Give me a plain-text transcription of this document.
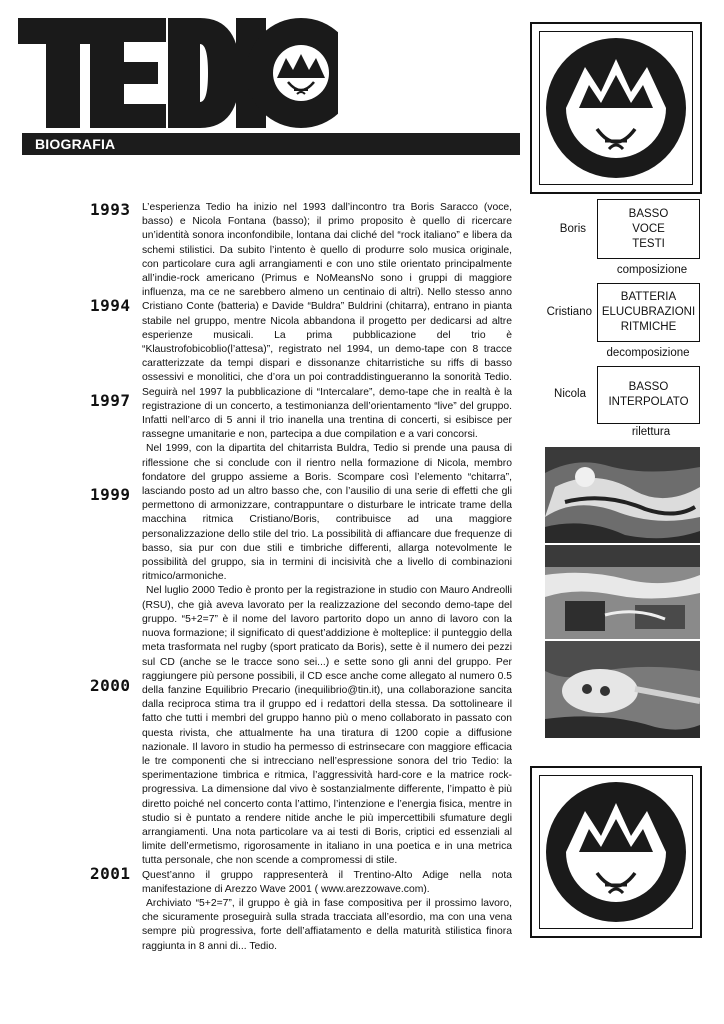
BIOGRAFIA
1993
1994
1997
1999
2000
2001

L’esperienza Tedio ha inizio nel 1993 dall’incontro tra Boris Saracco (voce, basso) e Nicola Fontana (basso); il primo proposito è quello di ricercare un’identità sonora inconfondibile, lontana dai cliché del “rock italiano” e libera da schemi stilistici. Da subito l’intento è quello di produrre solo musica originale, con particolare cura agli arrangiamenti e con uno stile orientato principalmente all’indie-rock americano (Primus e NoMeansNo sono i gruppi di maggiore influenza, ma ce ne sarebbero almeno un centinaio di altri). Nello stesso anno Cristiano Conte (batteria) e Davide “Buldra” Buldrini (chitarra), entrano in pianta stabile nel gruppo, mentre Nicola abbandona il progetto per dedicarsi ad altre esperienze musicali. La prima pubblicazione del trio è “Klaustrofobicoblio(l’attesa)”, registrato nel 1994, un demo-tape con 8 tracce caratterizzate da tempi dispari e dissonanze chitarristiche su riffs di basso ossessivi e monolitici, che d’ora un poi contraddistingueranno la sonorità Tedio. Seguirà nel 1997 la pubblicazione di “Intercalare”, demo-tape che in realtà è la registrazione di un concerto, a testimonianza dell’orientamento “live” del gruppo. Infatti nell’arco di 5 anni il trio inanella una trentina di concerti, si esibisce per rassegne umanitarie e non, partecipa a due compilation e a vari concorsi.

Nel 1999, con la dipartita del chitarrista Buldra, Tedio si prende una pausa di riflessione che si conclude con il rientro nella formazione di Nicola, membro fondatore del gruppo assieme a Boris. Scompare così l’elemento “chitarra”, lasciando posto ad un altro basso che, con l’ausilio di una serie di effetti che gli permettono di armonizzare, contrappuntare o disturbare le intricate trame della macchina ritmica Cristiano/Boris, contribuisce ad una maggiore personalizzazione dello stile del trio. La possibilità di affiancare due frequenze di basso, sia pur con due stili e timbriche differenti, allarga notevolmente le possibilità del gruppo, sia in termini di incisività che a livello di combinazioni ritmico/armoniche.

Nel luglio 2000 Tedio è pronto per la registrazione in studio con Mauro Andreolli (RSU), che già aveva lavorato per la realizzazione del secondo demo-tape del gruppo. “5+2=7” è il nome del lavoro partorito dopo un anno di lavoro con la nuova formazione; il significato di quest’addizione è molteplice: il punteggio della meta trasformata nel rugby (sport praticato da Boris), sette è il numero dei pezzi sul CD (anche se le tracce sono sei...) e sette sono gli anni del gruppo. Per raggiungere più persone possibili, il CD esce anche come allegato al numero 0.5 della fanzine Equilibrio Precario (inequilibrio@tin.it), una collaborazione sancita dalla reciproca stima tra il gruppo ed i redattori della stessa. Da sottolineare il fatto che tutti i membri del gruppo hanno più o meno collaborato in passato con questa rivista, che attualmente ha una tiratura di 1200 copie a diffusione nazionale. Il lavoro in studio ha permesso di estrinsecare con maggiore efficacia le tre componenti che si intrecciano nell’espressione sonora del trio Tedio: la sperimentazione timbrica e ritmica, l’aggressività hard-core e la matrice rock-progressiva. La dimensione dal vivo è sostanzialmente differente, l’impatto è più diretto poiché nel concerto conta l’attimo, l’intenzione e l’energia fisica, mentre in studio si è puntato a rendere nitide anche le più impercettibili sfumature degli arrangiamenti. Una nota particolare va ai testi di Boris, criptici ed essenziali al limite dell’ermetismo, rigorosamente in italiano in una poetica e in una metrica tutta personale, che non scende a compromessi di stile.

Quest’anno il gruppo rappresenterà il Trentino-Alto Adige nella nota manifestazione di Arezzo Wave 2001 ( www.arezzowave.com).

Archiviato “5+2=7”, il gruppo è già in fase compositiva per il prossimo lavoro, che sicuramente proseguirà sulla strada tracciata all’esordio, ma con una vena sempre più progressiva, forte dell’affiatamento e della maturità stilistica finora raggiunta in 8 anni di... Tedio.

Boris
BASSO
VOCE
TESTI
composizione
Cristiano
BATTERIA
ELUCUBRAZIONI
RITMICHE
decomposizione
Nicola
BASSO
INTERPOLATO
rilettura
